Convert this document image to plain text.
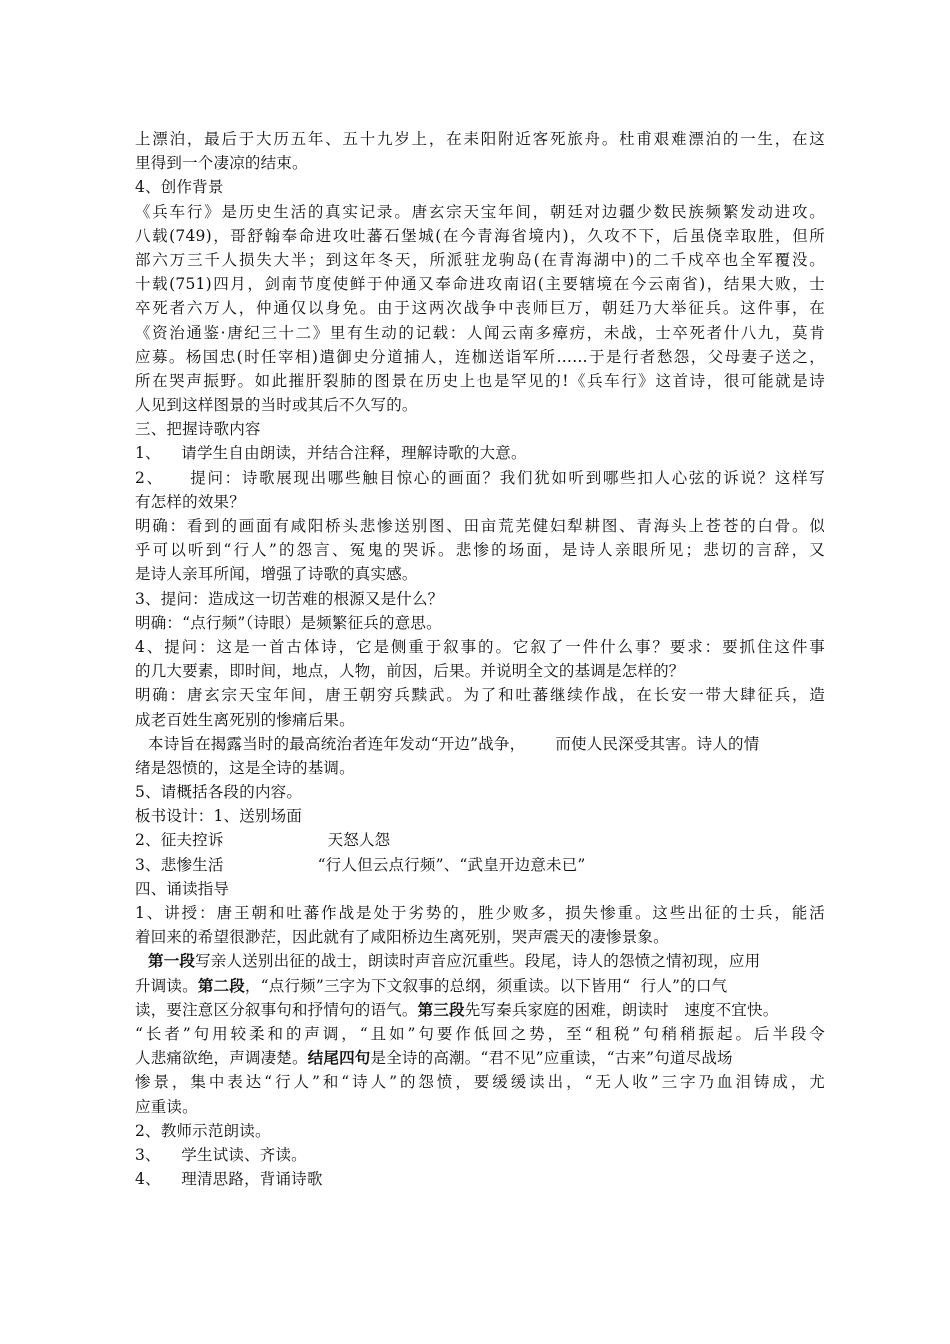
上漂泊，最后于大历五年、五十九岁上，在耒阳附近客死旅舟。杜甫艰难漂泊的一生，在这
里得到一个凄凉的结束。
4、创作背景
《兵车行》是历史生活的真实记录。唐玄宗天宝年间，朝廷对边疆少数民族频繁发动进攻。
八载(749)，哥舒翰奉命进攻吐蕃石堡城(在今青海省境内)，久攻不下，后虽侥幸取胜，但所
部六万三千人损失大半；到这年冬天，所派驻龙驹岛(在青海湖中)的二千戍卒也全军覆没。
十载(751)四月，剑南节度使鲜于仲通又奉命进攻南诏(主要辖境在今云南省)，结果大败，士
卒死者六万人，仲通仅以身免。由于这两次战争中丧师巨万，朝廷乃大举征兵。这件事，在
《资治通鉴·唐纪三十二》里有生动的记载：人闻云南多瘴疠，未战，士卒死者什八九，莫肯
应募。杨国忠(时任宰相)遣御史分道捕人，连枷送诣军所……于是行者愁怨，父母妻子送之，
所在哭声振野。如此摧肝裂肺的图景在历史上也是罕见的!《兵车行》这首诗，很可能就是诗
人见到这样图景的当时或其后不久写的。
三、把握诗歌内容
1、    请学生自由朗读，并结合注释，理解诗歌的大意。
2、    提问：诗歌展现出哪些触目惊心的画面？我们犹如听到哪些扣人心弦的诉说？这样写
有怎样的效果？
明确：看到的画面有咸阳桥头悲惨送别图、田亩荒芜健妇犁耕图、青海头上苍苍的白骨。似
乎可以听到“行人”的怨言、冤鬼的哭诉。悲惨的场面，是诗人亲眼所见；悲切的言辞，又
是诗人亲耳所闻，增强了诗歌的真实感。
3、提问：造成这一切苦难的根源又是什么？
明确：“点行频”（诗眼）是频繁征兵的意思。
4、提问：这是一首古体诗，它是侧重于叙事的。它叙了一件什么事？要求：要抓住这件事
的几大要素，即时间，地点，人物，前因，后果。并说明全文的基调是怎样的？
明确：唐玄宗天宝年间，唐王朝穷兵黩武。为了和吐蕃继续作战，在长安一带大肆征兵，造
成老百姓生离死别的惨痛后果。
本诗旨在揭露当时的最高统治者连年发动“开边”战争， 而使人民深受其害。诗人的情
绪是怨愤的，这是全诗的基调。
5、请概括各段的内容。
板书设计：1、送别场面
2、征夫控诉	天怒人怨
3、悲惨生活	“行人但云点行频”、“武皇开边意未已”
四、诵读指导
1、讲授：唐王朝和吐蕃作战是处于劣势的，胜少败多，损失惨重。这些出征的士兵，能活
着回来的希望很渺茫，因此就有了咸阳桥边生离死别，哭声震天的凄惨景象。
第一段写亲人送别出征的战士，朗读时声音应沉重些。段尾，诗人的怨愤之情初现，应用
升调读。第二段，“点行频”三字为下文叙事的总纲，须重读。以下皆用“  行人”的口气
读，要注意区分叙事句和抒情句的语气。第三段先写秦兵家庭的困难，朗读时   速度不宜快。
“长者”句用较柔和的声调，“且如”句要作低回之势，至“租税”句稍稍振起。后半段令
人悲痛欲绝，声调凄楚。结尾四句是全诗的高潮。“君不见”应重读，“古来”句道尽战场
惨景，集中表达“行人”和“诗人”的怨愤，要缓缓读出，“无人收”三字乃血泪铸成，尤
应重读。
2、教师示范朗读。
3、    学生试读、齐读。
4、    理清思路，背诵诗歌
